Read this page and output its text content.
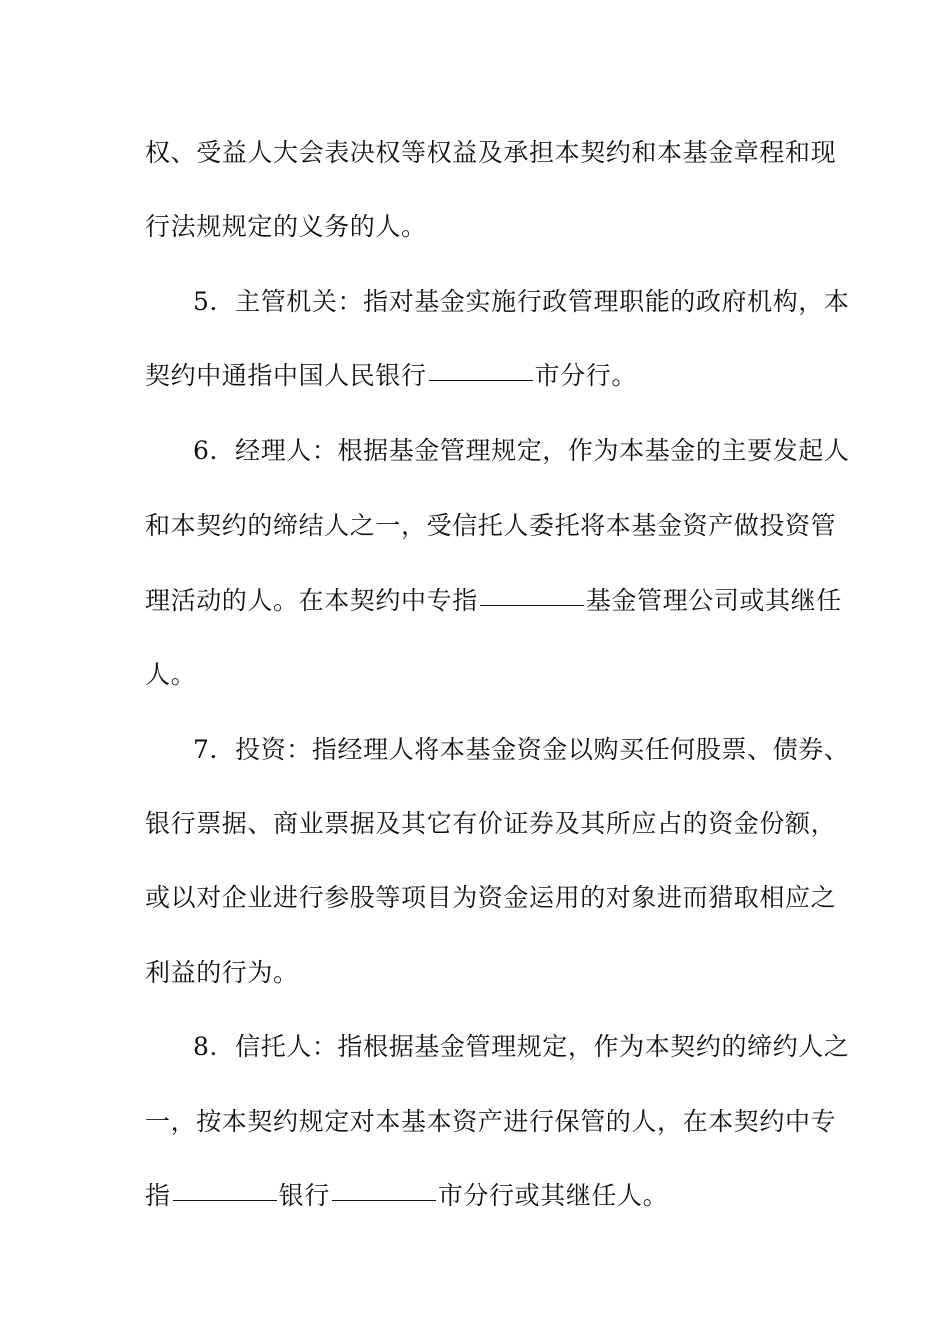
权、受益人大会表决权等权益及承担本契约和本基金章程和现
行法规规定的义务的人。
5．主管机关：指对基金实施行政管理职能的政府机构，本
契约中通指中国人民银行	市分行。
6．经理人：根据基金管理规定，作为本基金的主要发起人
和本契约的缔结人之一，受信托人委托将本基金资产做投资管
理活动的人。在本契约中专指	基金管理公司或其继任
人。
7．投资：指经理人将本基金资金以购买任何股票、债券、
银行票据、商业票据及其它有价证券及其所应占的资金份额，
或以对企业进行参股等项目为资金运用的对象进而猎取相应之
利益的行为。
8．信托人：指根据基金管理规定，作为本契约的缔约人之
一，按本契约规定对本基本资产进行保管的人，在本契约中专
指	银行	市分行或其继任人。
